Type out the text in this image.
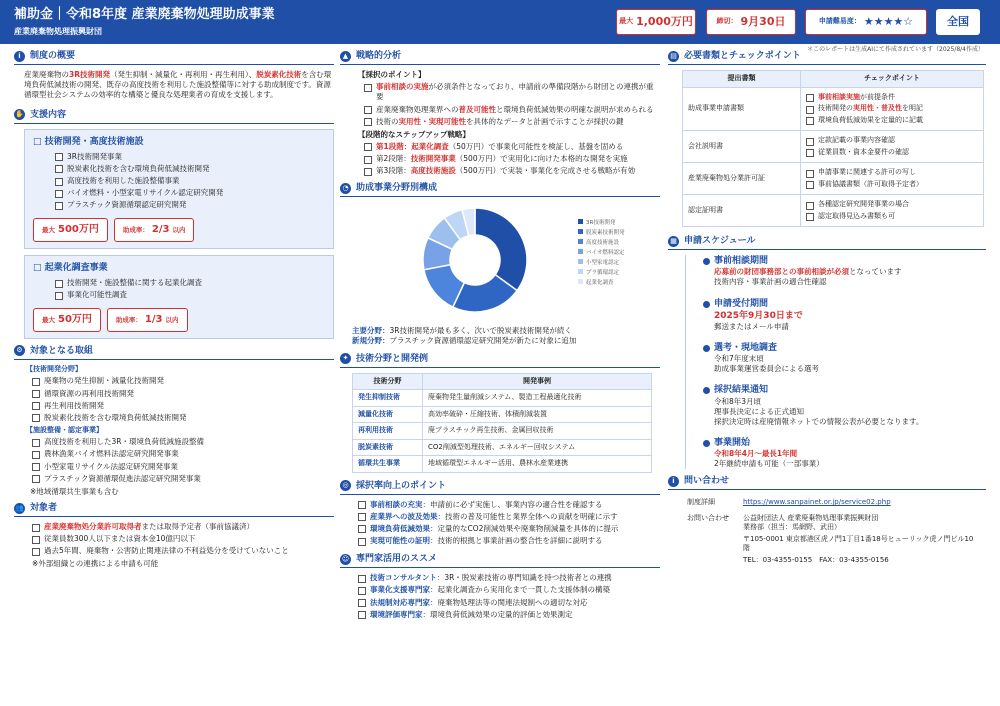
補助金｜令和8年度 産業廃棄物処理助成事業
産業廃棄物処理振興財団
最大 1,000万円	締切： 9月30日	申請難易度： ★★★★☆	全国
＊このレポートは生成AIにて作成されています（2025/8/4作成）
i	制度の概要

産業廃棄物の3R技術開発（発生抑制・減量化・再利用・再生利用）、脱炭素化技術を含む環境負荷低減技術の開発、既存の高度技術を利用した施設整備等に対する助成制度です。資源循環型社会システムの効率的な構築と優良な処理業者の育成を支援します。

✋ 支援内容
□ 技術開発・高度技術施設
3R技術開発事業
脱炭素化技術を含む環境負荷低減技術開発
高度技術を利用した施設整備事業
バイオ燃料・小型家電リサイクル認定研究開発
プラスチック資源循環認定研究開発
最大 500万円	助成率： 2/3 以内
□ 起業化調査事業
技術開発・施設整備に関する起業化調査
事業化可能性調査
最大 50万円	助成率： 1/3 以内
⚙ 対象となる取組
【技術開発分野】
廃棄物の発生抑制・減量化技術開発
循環資源の再利用技術開発
再生利用技術開発
脱炭素化技術を含む環境負荷低減技術開発
【施設整備・認定事業】
高度技術を利用した3R・環境負荷低減施設整備
農林漁業バイオ燃料法認定研究開発事業
小型家電リサイクル法認定研究開発事業
プラスチック資源循環促進法認定研究開発事業
※地域循環共生事業も含む
👥 対象者
産業廃棄物処分業許可取得者または取得予定者（事前協議済）
従業員数300人以下または資本金10億円以下
過去5年間、廃棄物・公害防止関連法律の不利益処分を受けていないこと
※外部組織との連携による申請も可能
▲ 戦略的分析
【採択のポイント】
事前相談の実施が必須条件となっており、申請前の準備段階から財団との連携が重要
産業廃棄物処理業界への普及可能性と環境負荷低減効果の明確な説明が求められる
技術の実用性・実現可能性を具体的なデータと計画で示すことが採択の鍵
【段階的なステップアップ戦略】
第1段階：起業化調査（50万円）で事業化可能性を検証し、基盤を固める
第2段階：技術開発事業（500万円）で実用化に向けた本格的な開発を実施
第3段階：高度技術施設（500万円）で実装・事業化を完成させる戦略が有効
◔ 助成事業分野別構成
3R技術開発
脱炭素技術開発
高度技術施設
バイオ燃料認定
小型家電認定
プラ循環認定
起業化調査
主要分野：3R技術開発が最も多く、次いで脱炭素技術開発が続く
新規分野：プラスチック資源循環認定研究開発が新たに対象に追加
✦ 技術分野と開発例
技術分野	開発事例
発生抑制技術	廃棄物発生量削減システム、製造工程最適化技術
減量化技術	高効率破砕・圧縮技術、体積削減装置
再利用技術	廃プラスチック再生技術、金属回収技術
脱炭素技術	CO2削減型処理技術、エネルギー回収システム
循環共生事業	地域循環型エネルギー活用、農林水産業連携
◎ 採択率向上のポイント
事前相談の充実：申請前に必ず実施し、事業内容の適合性を確認する
産業界への波及効果：技術の普及可能性と業界全体への貢献を明確に示す
環境負荷低減効果：定量的なCO2削減効果や廃棄物削減量を具体的に提示
実現可能性の証明：技術的根拠と事業計画の整合性を詳細に説明する
☺ 専門家活用のススメ
技術コンサルタント：3R・脱炭素技術の専門知識を持つ技術者との連携
事業化支援専門家：起業化調査から実用化まで一貫した支援体制の構築
法規制対応専門家：廃棄物処理法等の関連法規制への適切な対応
環境評価専門家：環境負荷低減効果の定量的評価と効果測定
▤ 必要書類とチェックポイント
提出書類	チェックポイント
助成事業申請書類	事前相談実施が前提条件
技術開発の実用性・普及性を明記
環境負荷低減効果を定量的に記載

会社説明書	定款記載の事業内容確認
従業員数・資本金要件の確認

産業廃棄物処分業許可証	申請事業に関連する許可の写し
事前協議書類（許可取得予定者）

認定証明書	各種認定研究開発事業の場合
認定取得見込み書類も可
▦ 申請スケジュール
事前相談期間
応募前の財団事務部との事前相談が必須となっています
技術内容・事業計画の適合性確認
申請受付期間
2025年9月30日まで
郵送またはメール申請
選考・現地調査
令和7年度末頃
助成事業運営委員会による選考
採択結果通知
令和8年3月頃
理事長決定による正式通知
採択決定時は産廃情報ネットでの情報公表が必要となります。
事業開始
令和8年4月～最長1年間
2年継続申請も可能（一部事業）
i	問い合わせ
制度詳細	https://www.sanpainet.or.jp/service02.php
お問い合わせ	公益財団法人 産業廃棄物処理事業振興財団
業務部（担当：馬網野、武田）
〒105-0001 東京都港区虎ノ門1丁目1番18号ヒューリック虎ノ門ビル10階
TEL：03-4355-0155　FAX：03-4355-0156
